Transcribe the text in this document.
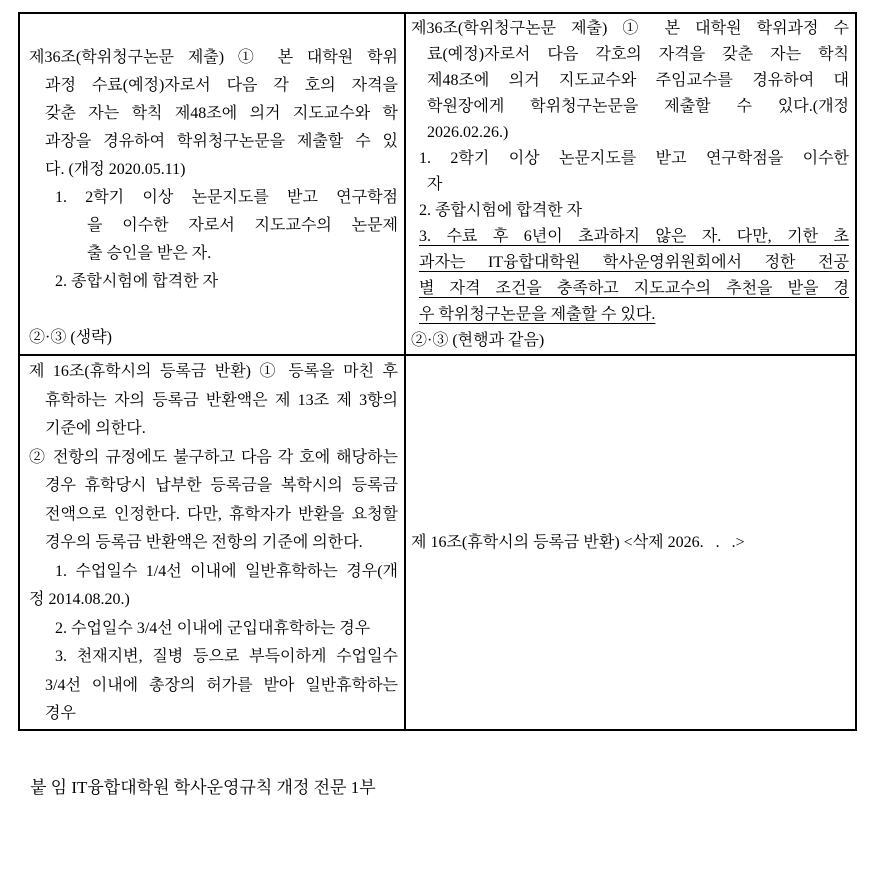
제36조(학위청구논문 제출) ① 본 대학원 학위
과정 수료(예정)자로서 다음 각 호의 자격을
갖춘 자는 학칙 제48조에 의거 지도교수와 학
과장을 경유하여 학위청구논문을 제출할 수 있
다. (개정 2020.05.11)
1. 2학기 이상 논문지도를 받고 연구학점
을 이수한 자로서 지도교수의 논문제
출 승인을 받은 자.
2. 종합시험에 합격한 자

②·③ (생략)

제36조(학위청구논문 제출) ① 본 대학원 학위과정 수
료(예정)자로서 다음 각호의 자격을 갖춘 자는 학칙
제48조에 의거 지도교수와 주임교수를 경유하여 대
학원장에게 학위청구논문을 제출할 수 있다.(개정
2026.02.26.)
1. 2학기 이상 논문지도를 받고 연구학점을 이수한
자
2. 종합시험에 합격한 자
3. 수료 후 6년이 초과하지 않은 자. 다만, 기한 초
과자는 IT융합대학원 학사운영위원회에서 정한 전공
별 자격 조건을 충족하고 지도교수의 추천을 받을 경
우 학위청구논문을 제출할 수 있다.
②·③ (현행과 같음)

제 16조(휴학시의 등록금 반환) ① 등록을 마친 후
휴학하는 자의 등록금 반환액은 제 13조 제 3항의
기준에 의한다.
② 전항의 규정에도 불구하고 다음 각 호에 해당하는
경우 휴학당시 납부한 등록금을 복학시의 등록금
전액으로 인정한다. 다만, 휴학자가 반환을 요청할
경우의 등록금 반환액은 전항의 기준에 의한다.
1. 수업일수 1/4선 이내에 일반휴학하는 경우(개
정 2014.08.20.)
2. 수업일수 3/4선 이내에 군입대휴학하는 경우
3. 천재지변, 질병 등으로 부득이하게 수업일수
3/4선 이내에 총장의 허가를 받아 일반휴학하는
경우

제 16조(휴학시의 등록금 반환) <삭제 2026.   .   .>
붙 임 IT융합대학원 학사운영규칙 개정 전문 1부
